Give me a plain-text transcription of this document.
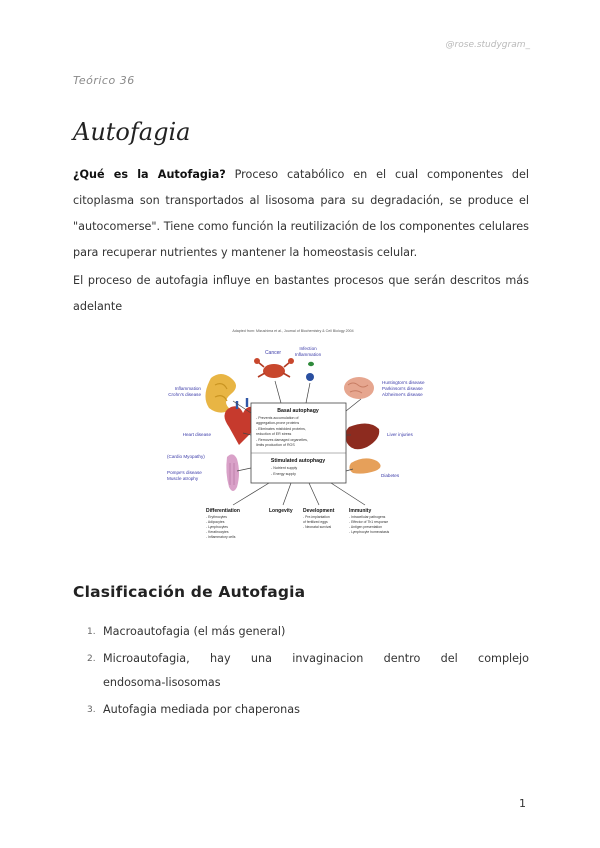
@rose.studygram_
Teórico 36
Autofagia
¿Qué es la Autofagia? Proceso catabólico en el cual componentes del citoplasma son transportados al lisosoma para su degradación, se produce el "autocomerse". Tiene como función la reutilización de los componentes celulares para recuperar nutrientes y mantener la homeostasis celular.
El proceso de autofagia influye en bastantes procesos que serán descritos más adelante
Adapted from: Mizushima et al., Journal of Biochemistry & Cell Biology 2004
Cancer
Infection
Inflammation
Inflammation
Crohn's disease
Huntington's disease
Parkinson's disease
Alzheimer's disease
Heart disease	Liver injuries
(Cardio Myopathy)
Pompe's disease
Muscle atrophy
Diabetes
Basal autophagy
- Prevents accumulation of
aggregation-prone proteins
- Eliminates misfolded proteins,
reduction of ER stress
- Removes damaged organelles,
limits production of ROS
Stimulated autophagy
- Nutrient supply
- Energy supply
Differentiation
- Erythrocytes
- Adipocytes
- Lymphocytes
- Keratinocytes
- Inflammatory cells
Longevity Development
- Pre-implantation
of fertilized eggs
- Neonatal survival
Immunity
- Intracellular pathogens
- Effector of Th1 response
- Antigen presentation
- Lymphocyte homeostasis
Clasificación de Autofagia
1. Macroautofagia (el más general)
2. Microautofagia, hay una invaginacion dentro del complejo
endosoma-lisosomas
3. Autofagia mediada por chaperonas
1
